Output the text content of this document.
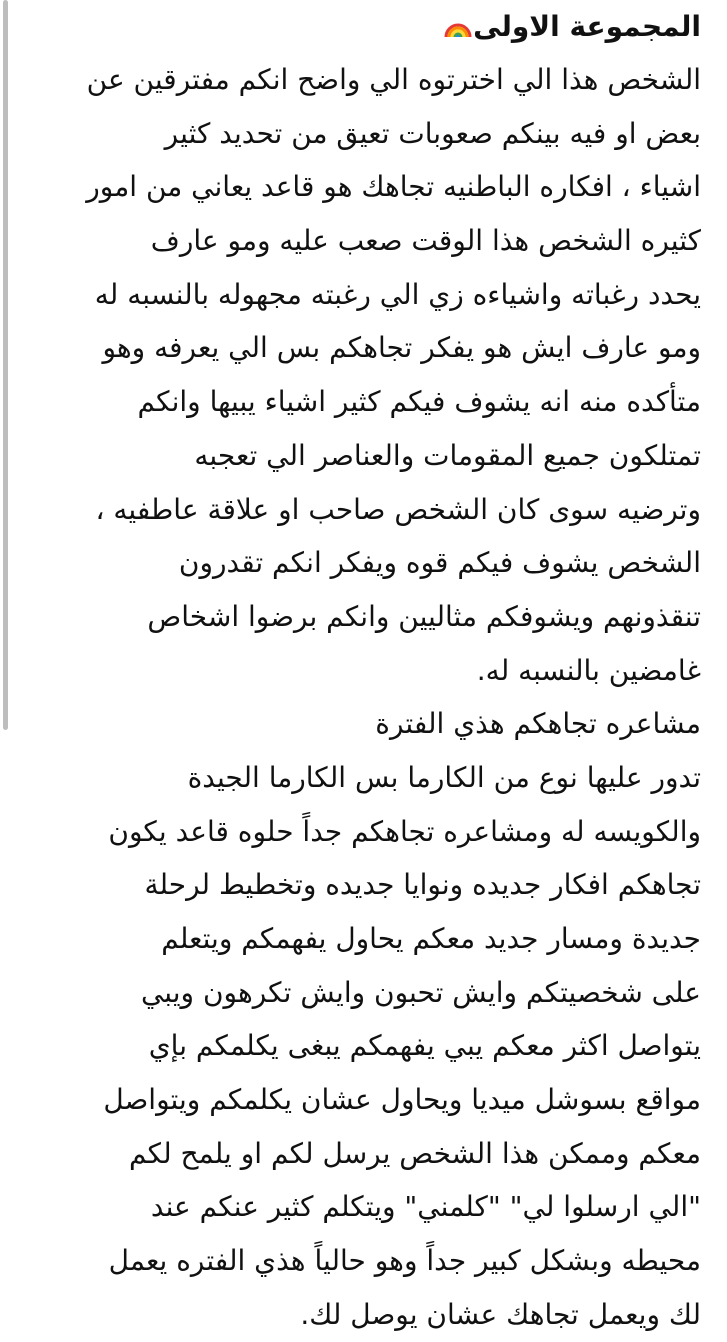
المجموعة الاولى
الشخص هذا الي اخترتوه الي واضح انكم مفترقين عن
بعض او فيه بينكم صعوبات تعيق من تحديد كثير
اشياء ، افكاره الباطنيه تجاهك هو قاعد يعاني من امور
كثيره الشخص هذا الوقت صعب عليه ومو عارف
يحدد رغباته واشياءه زي الي رغبته مجهوله بالنسبه له
ومو عارف ايش هو يفكر تجاهكم بس الي يعرفه وهو
متأكده منه انه يشوف فيكم كثير اشياء يبيها وانكم
تمتلكون جميع المقومات والعناصر الي تعجبه
وترضيه سوى كان الشخص صاحب او علاقة عاطفيه ،
الشخص يشوف فيكم قوه ويفكر انكم تقدرون
تنقذونهم ويشوفكم مثاليين وانكم برضوا اشخاص
غامضين بالنسبه له.
مشاعره تجاهكم هذي الفترة
تدور عليها نوع من الكارما بس الكارما الجيدة
والكويسه له ومشاعره تجاهكم جداً حلوه قاعد يكون
تجاهكم افكار جديده ونوايا جديده وتخطيط لرحلة
جديدة ومسار جديد معكم يحاول يفهمكم ويتعلم
على شخصيتكم وايش تحبون وايش تكرهون ويبي
يتواصل اكثر معكم يبي يفهمكم يبغى يكلمكم بإي
مواقع بسوشل ميديا ويحاول عشان يكلمكم ويتواصل
معكم وممكن هذا الشخص يرسل لكم او يلمح لكم
"الي ارسلوا لي" "كلمني" ويتكلم كثير عنكم عند
محيطه وبشكل كبير جداً وهو حالياً هذي الفتره يعمل
لك ويعمل تجاهك عشان يوصل لك.
